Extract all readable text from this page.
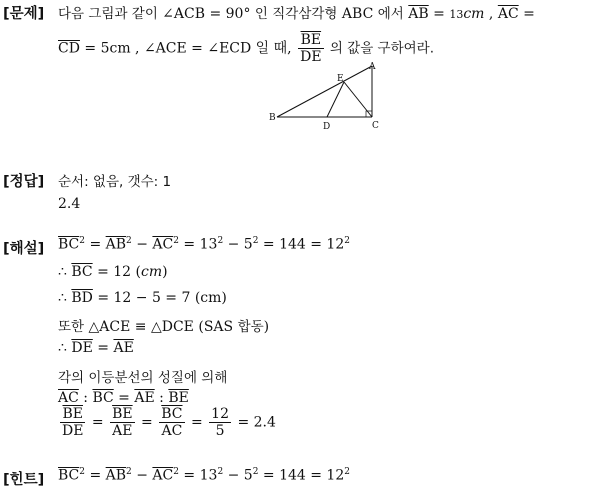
[문제] 다음 그림과 같이 ∠ACB = 90° 인 직각삼각형 ABC 에서 $\overline{AB} = 13cm$ , $\overline{AC}$ =
$\overline{CD} = 5cm$ , ∠ACE = ∠ECD 일 때, $\frac{\overline{BE}}{DE}$ 의 값을 구하여라.
A
E
B
D	C
[정답] 순서: 없음, 갯수: 1
2.4
[해설] $\overline{BC}^2 = \overline{AB}^2 - \overline{AC}^2 = 13^2 - 5^2 = 144 = 12^2$
∴ $\overline{BC} = 12$ (cm)
∴ $\overline{BD} = 12 - 5 = 7$ (cm)
또한 △ACE ≡ △DCE (SAS 합동)
∴ $\overline{DE} = \overline{AE}$
각의 이등분선의 성질에 의해
$\overline{AC}$ : $\overline{BC} = \overline{AE}$ : $\overline{BE}$
$\frac{\overline{BE}}{DE} = \frac{\overline{BE}}{AE} = \frac{\overline{BC}}{AC} = \frac{12}{5} = 2.4$
[힌트] $\overline{BC}^2 = \overline{AB}^2 - \overline{AC}^2 = 13^2 - 5^2 = 144 = 12^2$
